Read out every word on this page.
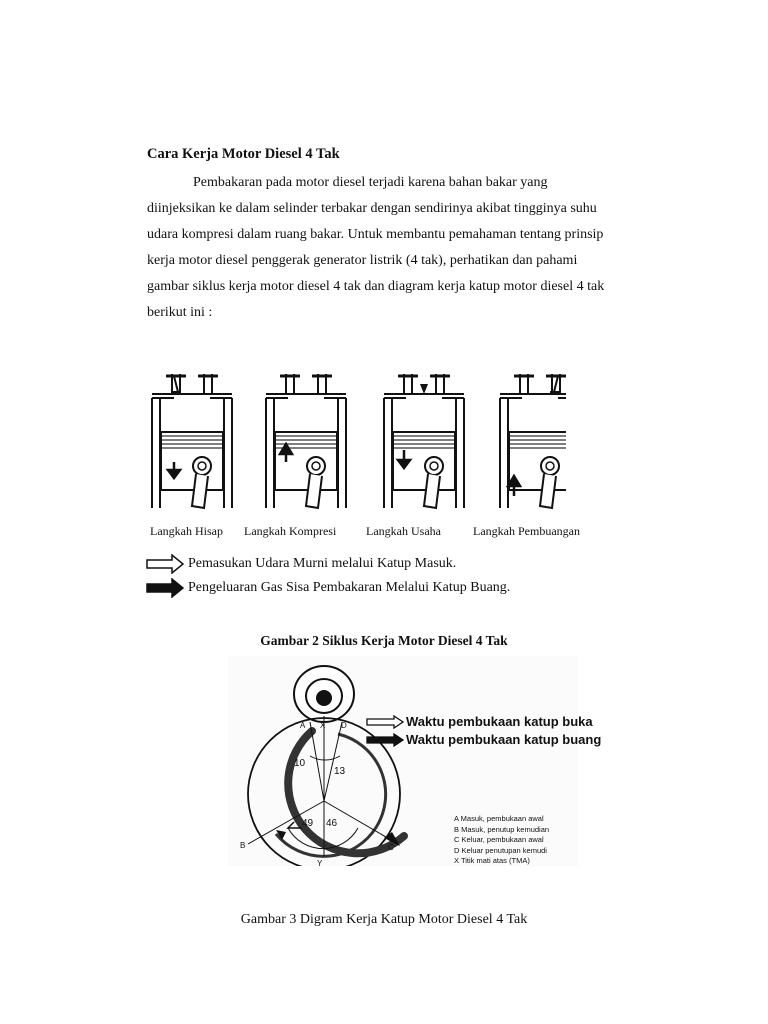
Cara Kerja Motor Diesel 4 Tak

Pembakaran pada motor diesel terjadi karena bahan bakar yang

diinjeksikan ke dalam selinder terbakar dengan sendirinya akibat tingginya suhu

udara kompresi dalam ruang bakar. Untuk membantu pemahaman tentang prinsip

kerja motor diesel penggerak generator listrik (4 tak), perhatikan dan pahami

gambar siklus kerja motor diesel 4 tak dan diagram kerja katup motor diesel 4 tak

berikut ini :

Langkah Hisap Langkah Kompresi Langkah Usaha	Langkah Pembuangan
Pemasukan Udara Murni melalui Katup Masuk.
Pengeluaran Gas Sisa Pembakaran Melalui Katup Buang.
Gambar 2 Siklus Kerja Motor Diesel 4 Tak
10
13
49 46
A X D
B	C
Y
Waktu pembukaan katup buka
Waktu pembukaan katup buang
A Masuk, pembukaan awal
B Masuk, penutup kemudian
C Keluar, pembukaan awal
D Keluar penutupan kemudi
X Titik mati atas (TMA)
Gambar 3 Digram Kerja Katup Motor Diesel 4 Tak
